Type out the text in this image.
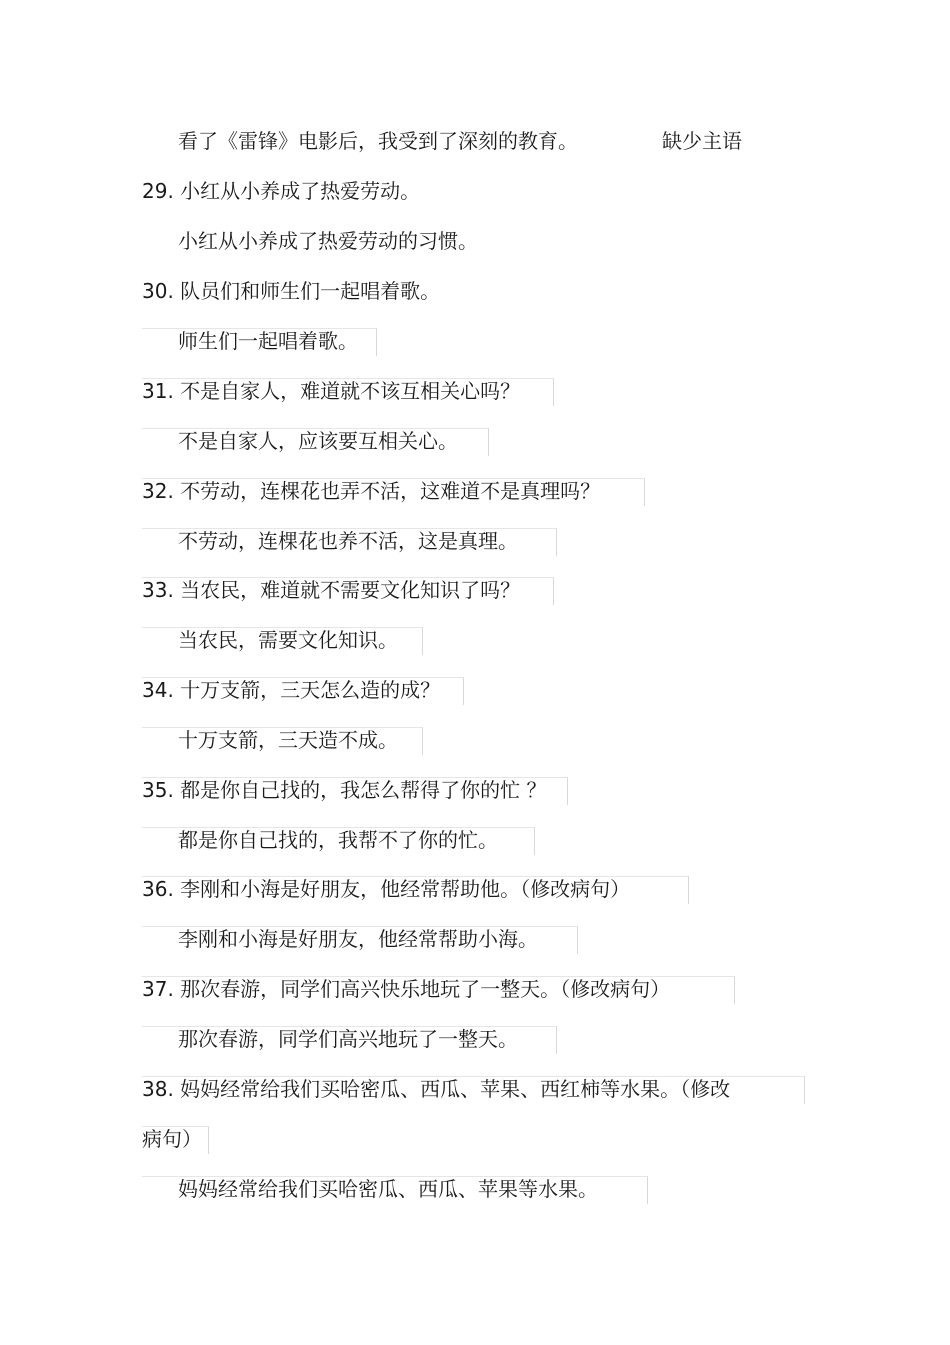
看了《雷锋》电影后，我受到了深刻的教育。	缺少主语
29. 小红从小养成了热爱劳动。
小红从小养成了热爱劳动的习惯。
30. 队员们和师生们一起唱着歌。
师生们一起唱着歌。
31. 不是自家人，难道就不该互相关心吗？
不是自家人，应该要互相关心。
32. 不劳动，连棵花也弄不活，这难道不是真理吗？
不劳动，连棵花也养不活，这是真理。
33. 当农民，难道就不需要文化知识了吗？
当农民，需要文化知识。
34. 十万支箭，三天怎么造的成？
十万支箭，三天造不成。
35. 都是你自己找的，我怎么帮得了你的忙 ？
都是你自己找的，我帮不了你的忙。
36. 李刚和小海是好朋友，他经常帮助他。（修改病句）
李刚和小海是好朋友，他经常帮助小海。
37. 那次春游，同学们高兴快乐地玩了一整天。（修改病句）
那次春游，同学们高兴地玩了一整天。
38. 妈妈经常给我们买哈密瓜、西瓜、苹果、西红柿等水果。（修改
病句）
妈妈经常给我们买哈密瓜、西瓜、苹果等水果。
